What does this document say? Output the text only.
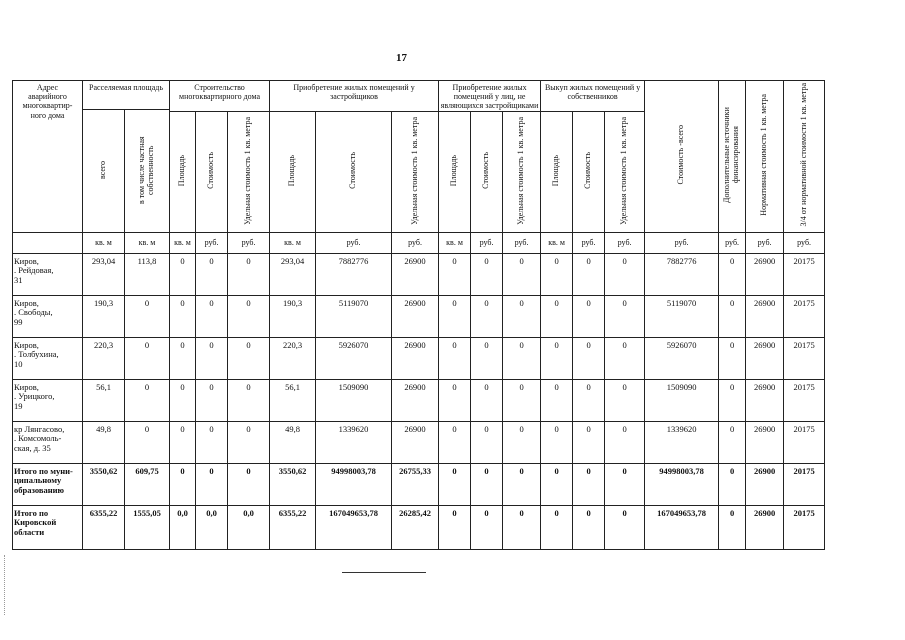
17
Адрес
аварийного
многоквартир-
ного дома	Расселяемая площадь		Строительство многоквартирного дома			Приобретение жилых помещений у застройщиков			Приобретение жилых помещений у лиц, не являющихся застройщиками			Выкуп жилых помещений у собственников			Стоимость -всего	Дополнительные источники финансирования	Нормативная стоимость 1 кв. метра	3/4 от нормативной стоимости 1 кв. метра
	всего	в том числе частная собственность																
			Площадь	Стоимость	Удельная стоимость 1 кв. метра	Площадь	Стоимость	Удельная стоимость 1 кв. метра	Площадь	Стоимость	Удельная стоимость 1 кв. метра	Площадь	Стоимость	Удельная стоимость 1 кв. метра				
	кв. м	кв. м	кв. м	руб.	руб.	кв. м	руб.	руб.	кв. м	руб.	руб.	кв. м	руб.	руб.	руб.	руб.	руб.	руб.
Киров,
. Рейдовая,
31	293,04	113,8	0	0	0	293,04	7882776	26900	0	0	0	0	0	0	7882776	0	26900	20175
Киров,
. Свободы,
99	190,3	0	0	0	0	190,3	5119070	26900	0	0	0	0	0	0	5119070	0	26900	20175
Киров,
. Толбухина,
10	220,3	0	0	0	0	220,3	5926070	26900	0	0	0	0	0	0	5926070	0	26900	20175
Киров,
. Урицкого,
19	56,1	0	0	0	0	56,1	1509090	26900	0	0	0	0	0	0	1509090	0	26900	20175
кр Лянгасово,
. Комсомоль-
ская, д. 35	49,8	0	0	0	0	49,8	1339620	26900	0	0	0	0	0	0	1339620	0	26900	20175
Итого по муни-
ципальному
образованию	3550,62	609,75	0	0	0	3550,62	94998003,78	26755,33	0	0	0	0	0	0	94998003,78	0	26900	20175
Итого по
Кировской
области	6355,22	1555,05	0,0	0,0	0,0	6355,22	167049653,78	26285,42	0	0	0	0	0	0	167049653,78	0	26900	20175
